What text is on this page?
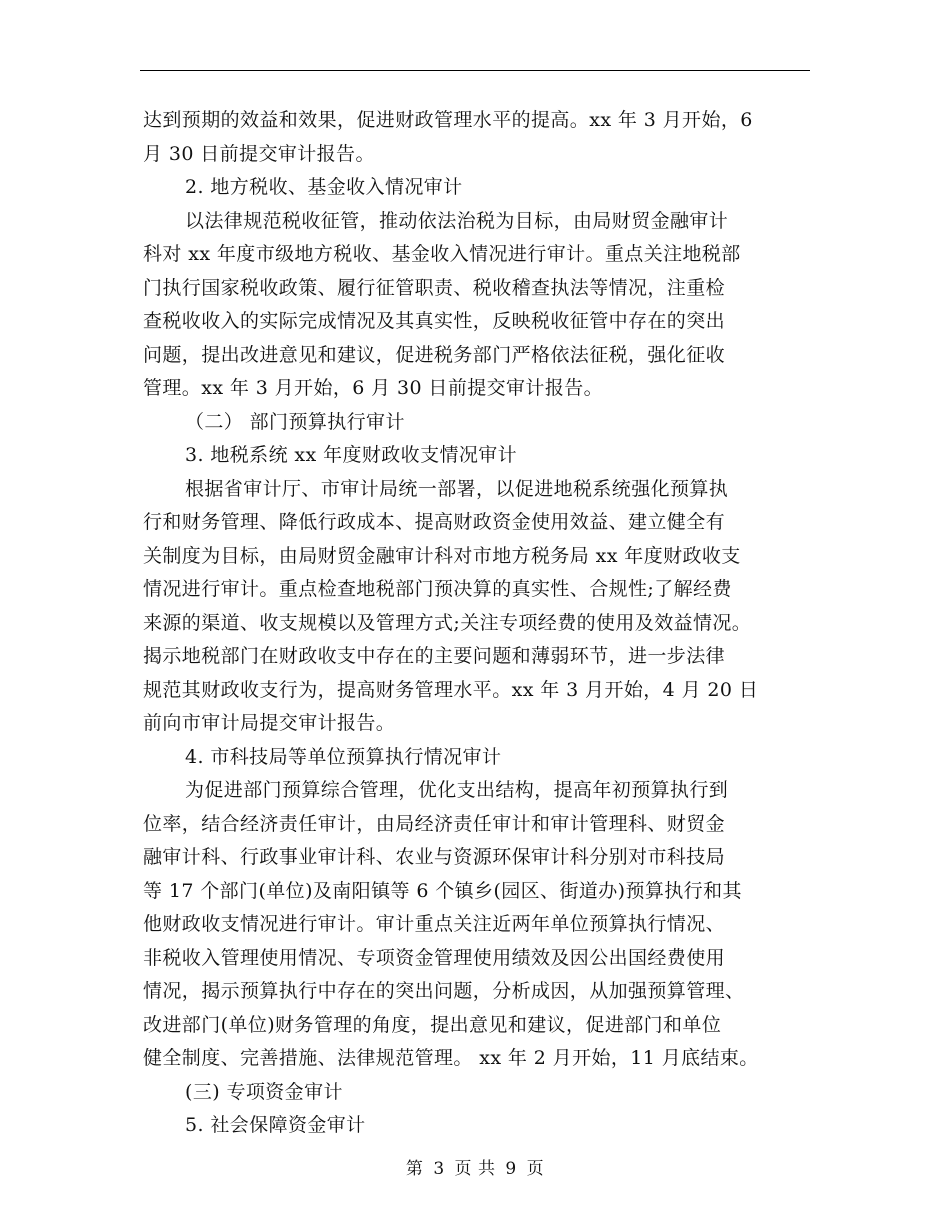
达到预期的效益和效果，促进财政管理水平的提高。xx 年 3 月开始，6
月 30 日前提交审计报告。
2. 地方税收、基金收入情况审计
以法律规范税收征管，推动依法治税为目标，由局财贸金融审计
科对 xx 年度市级地方税收、基金收入情况进行审计。重点关注地税部
门执行国家税收政策、履行征管职责、税收稽查执法等情况，注重检
查税收收入的实际完成情况及其真实性，反映税收征管中存在的突出
问题，提出改进意见和建议，促进税务部门严格依法征税，强化征收
管理。xx 年 3 月开始，6 月 30 日前提交审计报告。
（二） 部门预算执行审计
3. 地税系统 xx 年度财政收支情况审计
根据省审计厅、市审计局统一部署，以促进地税系统强化预算执
行和财务管理、降低行政成本、提高财政资金使用效益、建立健全有
关制度为目标，由局财贸金融审计科对市地方税务局 xx 年度财政收支
情况进行审计。重点检查地税部门预决算的真实性、合规性;了解经费
来源的渠道、收支规模以及管理方式;关注专项经费的使用及效益情况。
揭示地税部门在财政收支中存在的主要问题和薄弱环节，进一步法律
规范其财政收支行为，提高财务管理水平。xx 年 3 月开始，4 月 20 日
前向市审计局提交审计报告。
4. 市科技局等单位预算执行情况审计
为促进部门预算综合管理，优化支出结构，提高年初预算执行到
位率，结合经济责任审计，由局经济责任审计和审计管理科、财贸金
融审计科、行政事业审计科、农业与资源环保审计科分别对市科技局
等 17 个部门(单位)及南阳镇等 6 个镇乡(园区、街道办)预算执行和其
他财政收支情况进行审计。审计重点关注近两年单位预算执行情况、
非税收入管理使用情况、专项资金管理使用绩效及因公出国经费使用
情况，揭示预算执行中存在的突出问题，分析成因，从加强预算管理、
改进部门(单位)财务管理的角度，提出意见和建议，促进部门和单位
健全制度、完善措施、法律规范管理。 xx 年 2 月开始，11 月底结束。
(三) 专项资金审计
5. 社会保障资金审计
第 3 页 共 9 页
